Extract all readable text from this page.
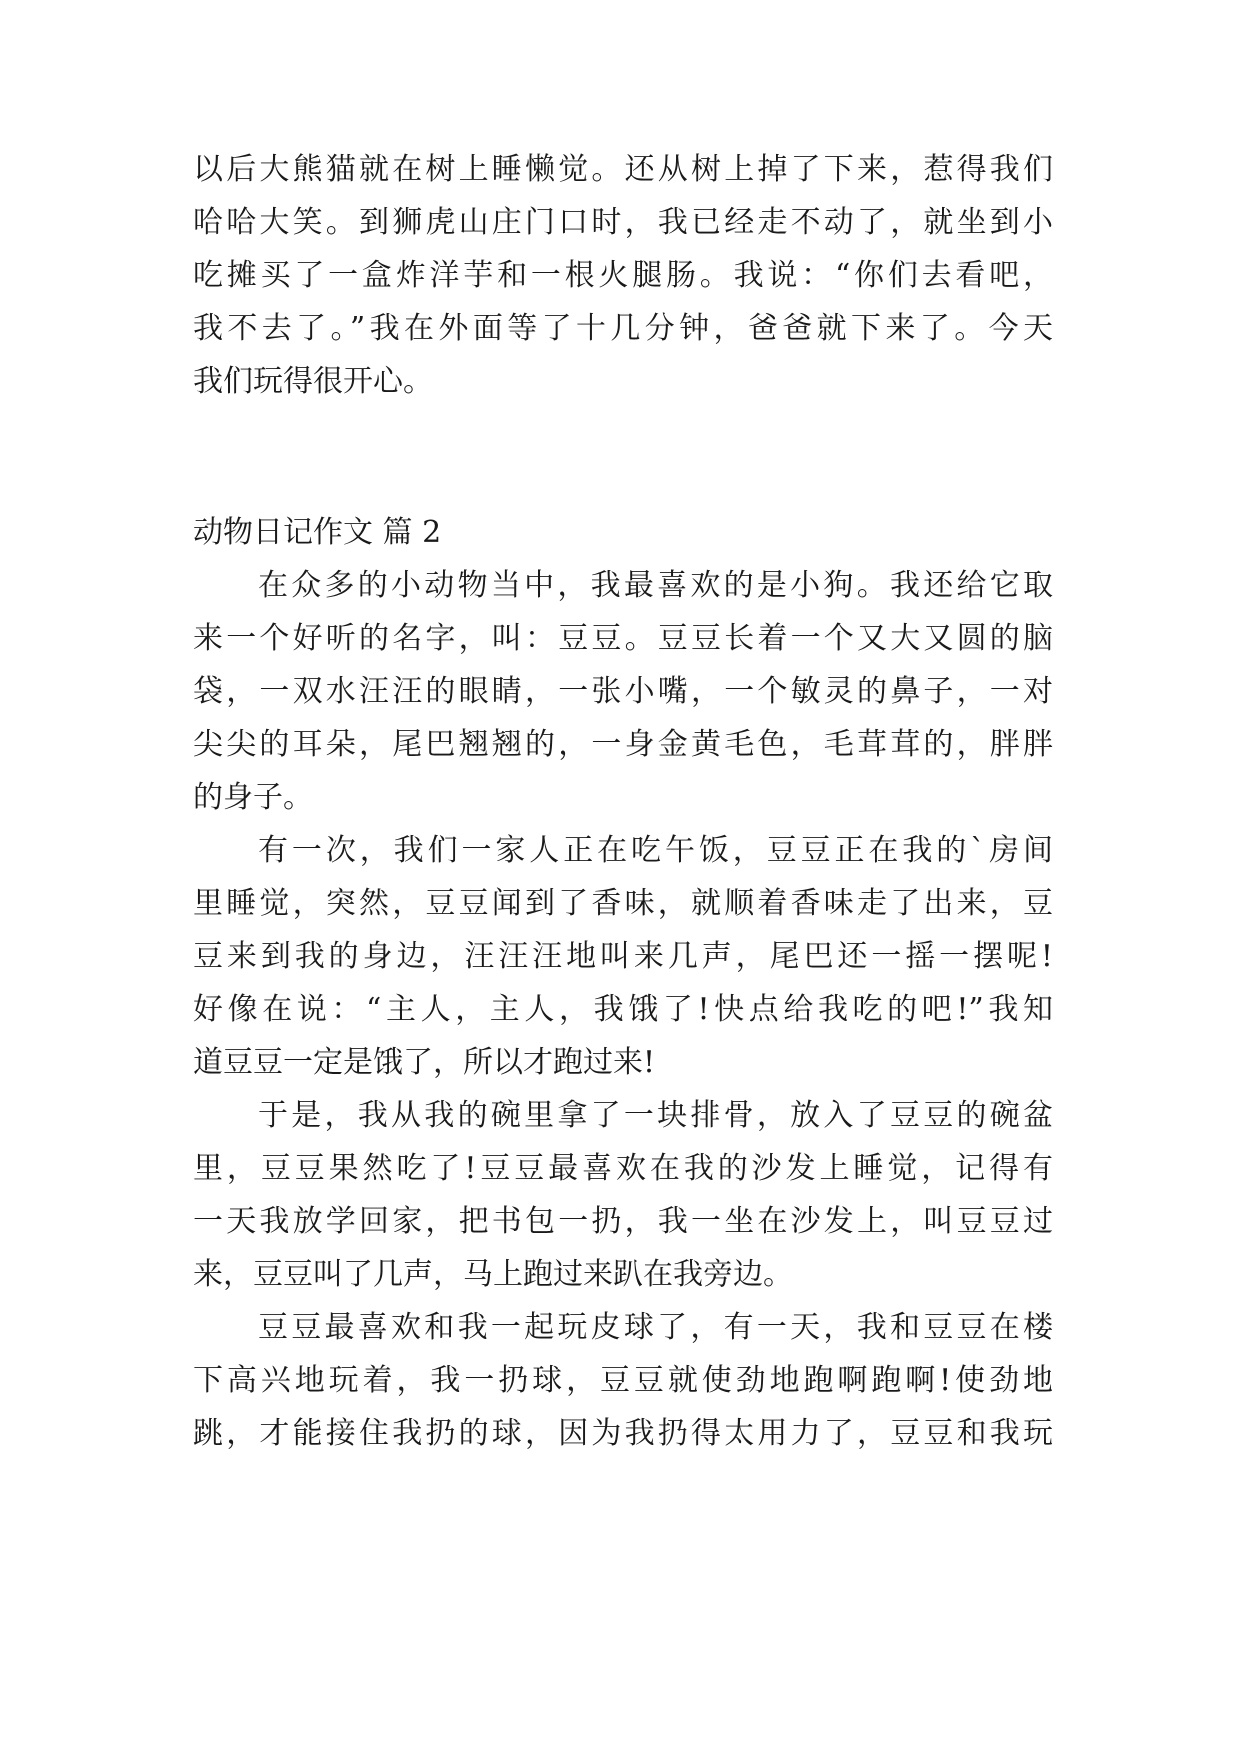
以后大熊猫就在树上睡懒觉。还从树上掉了下来，惹得我们
哈哈大笑。到狮虎山庄门口时，我已经走不动了，就坐到小
吃摊买了一盒炸洋芋和一根火腿肠。我说：“你们去看吧，
我不去了。”我在外面等了十几分钟，爸爸就下来了。今天
我们玩得很开心。
动物日记作文 篇 2
在众多的小动物当中，我最喜欢的是小狗。我还给它取
来一个好听的名字，叫：豆豆。豆豆长着一个又大又圆的脑
袋，一双水汪汪的眼睛，一张小嘴，一个敏灵的鼻子，一对
尖尖的耳朵，尾巴翘翘的，一身金黄毛色，毛茸茸的，胖胖
的身子。
有一次，我们一家人正在吃午饭，豆豆正在我的`房间
里睡觉，突然，豆豆闻到了香味，就顺着香味走了出来，豆
豆来到我的身边，汪汪汪地叫来几声，尾巴还一摇一摆呢!
好像在说：“主人，主人，我饿了!快点给我吃的吧!”我知
道豆豆一定是饿了，所以才跑过来!
于是，我从我的碗里拿了一块排骨，放入了豆豆的碗盆
里，豆豆果然吃了!豆豆最喜欢在我的沙发上睡觉，记得有
一天我放学回家，把书包一扔，我一坐在沙发上，叫豆豆过
来，豆豆叫了几声，马上跑过来趴在我旁边。
豆豆最喜欢和我一起玩皮球了，有一天，我和豆豆在楼
下高兴地玩着，我一扔球，豆豆就使劲地跑啊跑啊!使劲地
跳，才能接住我扔的球，因为我扔得太用力了，豆豆和我玩
